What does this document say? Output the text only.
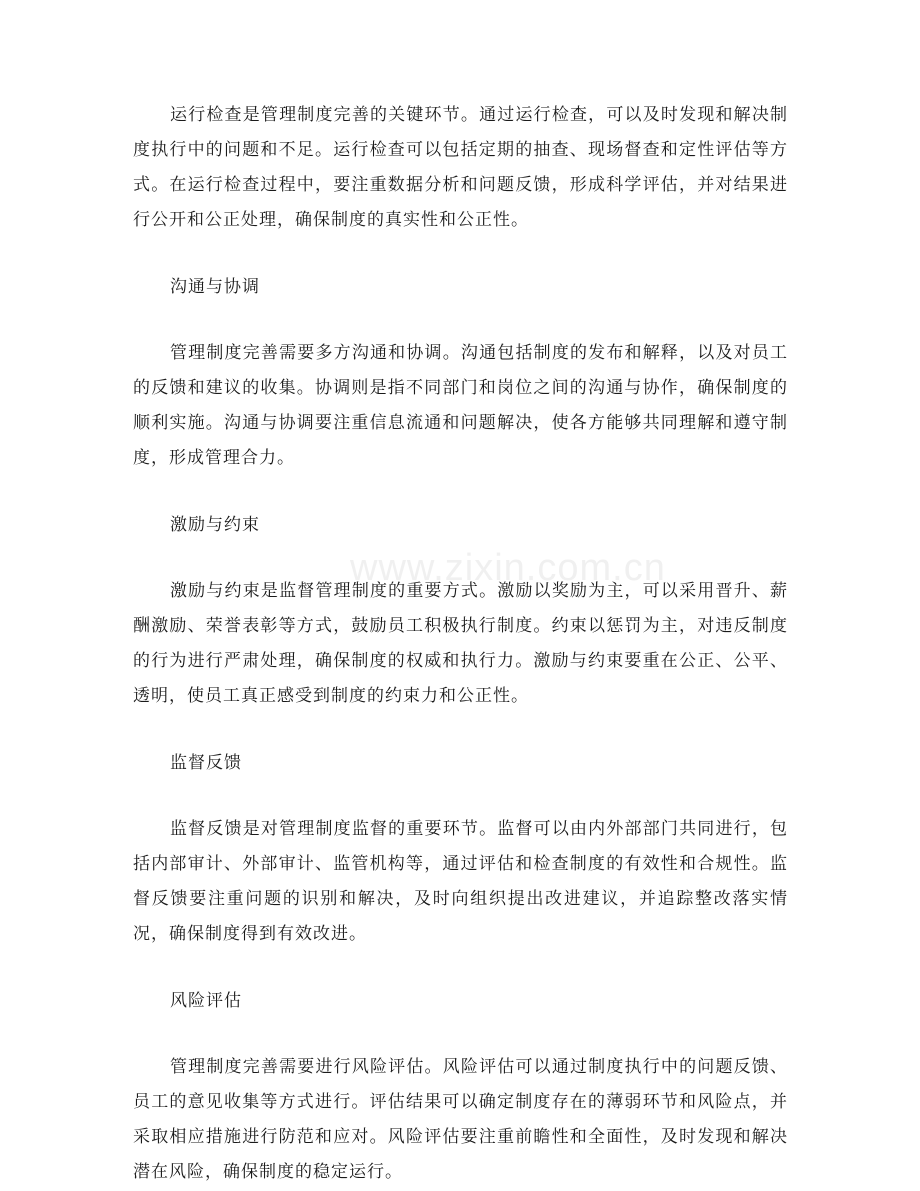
运行检查是管理制度完善的关键环节。通过运行检查，可以及时发现和解决制度执行中的问题和不足。运行检查可以包括定期的抽查、现场督查和定性评估等方式。在运行检查过程中，要注重数据分析和问题反馈，形成科学评估，并对结果进行公开和公正处理，确保制度的真实性和公正性。

沟通与协调

管理制度完善需要多方沟通和协调。沟通包括制度的发布和解释，以及对员工的反馈和建议的收集。协调则是指不同部门和岗位之间的沟通与协作，确保制度的顺利实施。沟通与协调要注重信息流通和问题解决，使各方能够共同理解和遵守制度，形成管理合力。

激励与约束

激励与约束是监督管理制度的重要方式。激励以奖励为主，可以采用晋升、薪酬激励、荣誉表彰等方式，鼓励员工积极执行制度。约束以惩罚为主，对违反制度的行为进行严肃处理，确保制度的权威和执行力。激励与约束要重在公正、公平、透明，使员工真正感受到制度的约束力和公正性。

监督反馈

监督反馈是对管理制度监督的重要环节。监督可以由内外部部门共同进行，包括内部审计、外部审计、监管机构等，通过评估和检查制度的有效性和合规性。监督反馈要注重问题的识别和解决，及时向组织提出改进建议，并追踪整改落实情况，确保制度得到有效改进。

风险评估

管理制度完善需要进行风险评估。风险评估可以通过制度执行中的问题反馈、员工的意见收集等方式进行。评估结果可以确定制度存在的薄弱环节和风险点，并采取相应措施进行防范和应对。风险评估要注重前瞻性和全面性，及时发现和解决潜在风险，确保制度的稳定运行。

www.zixin.com.cn
